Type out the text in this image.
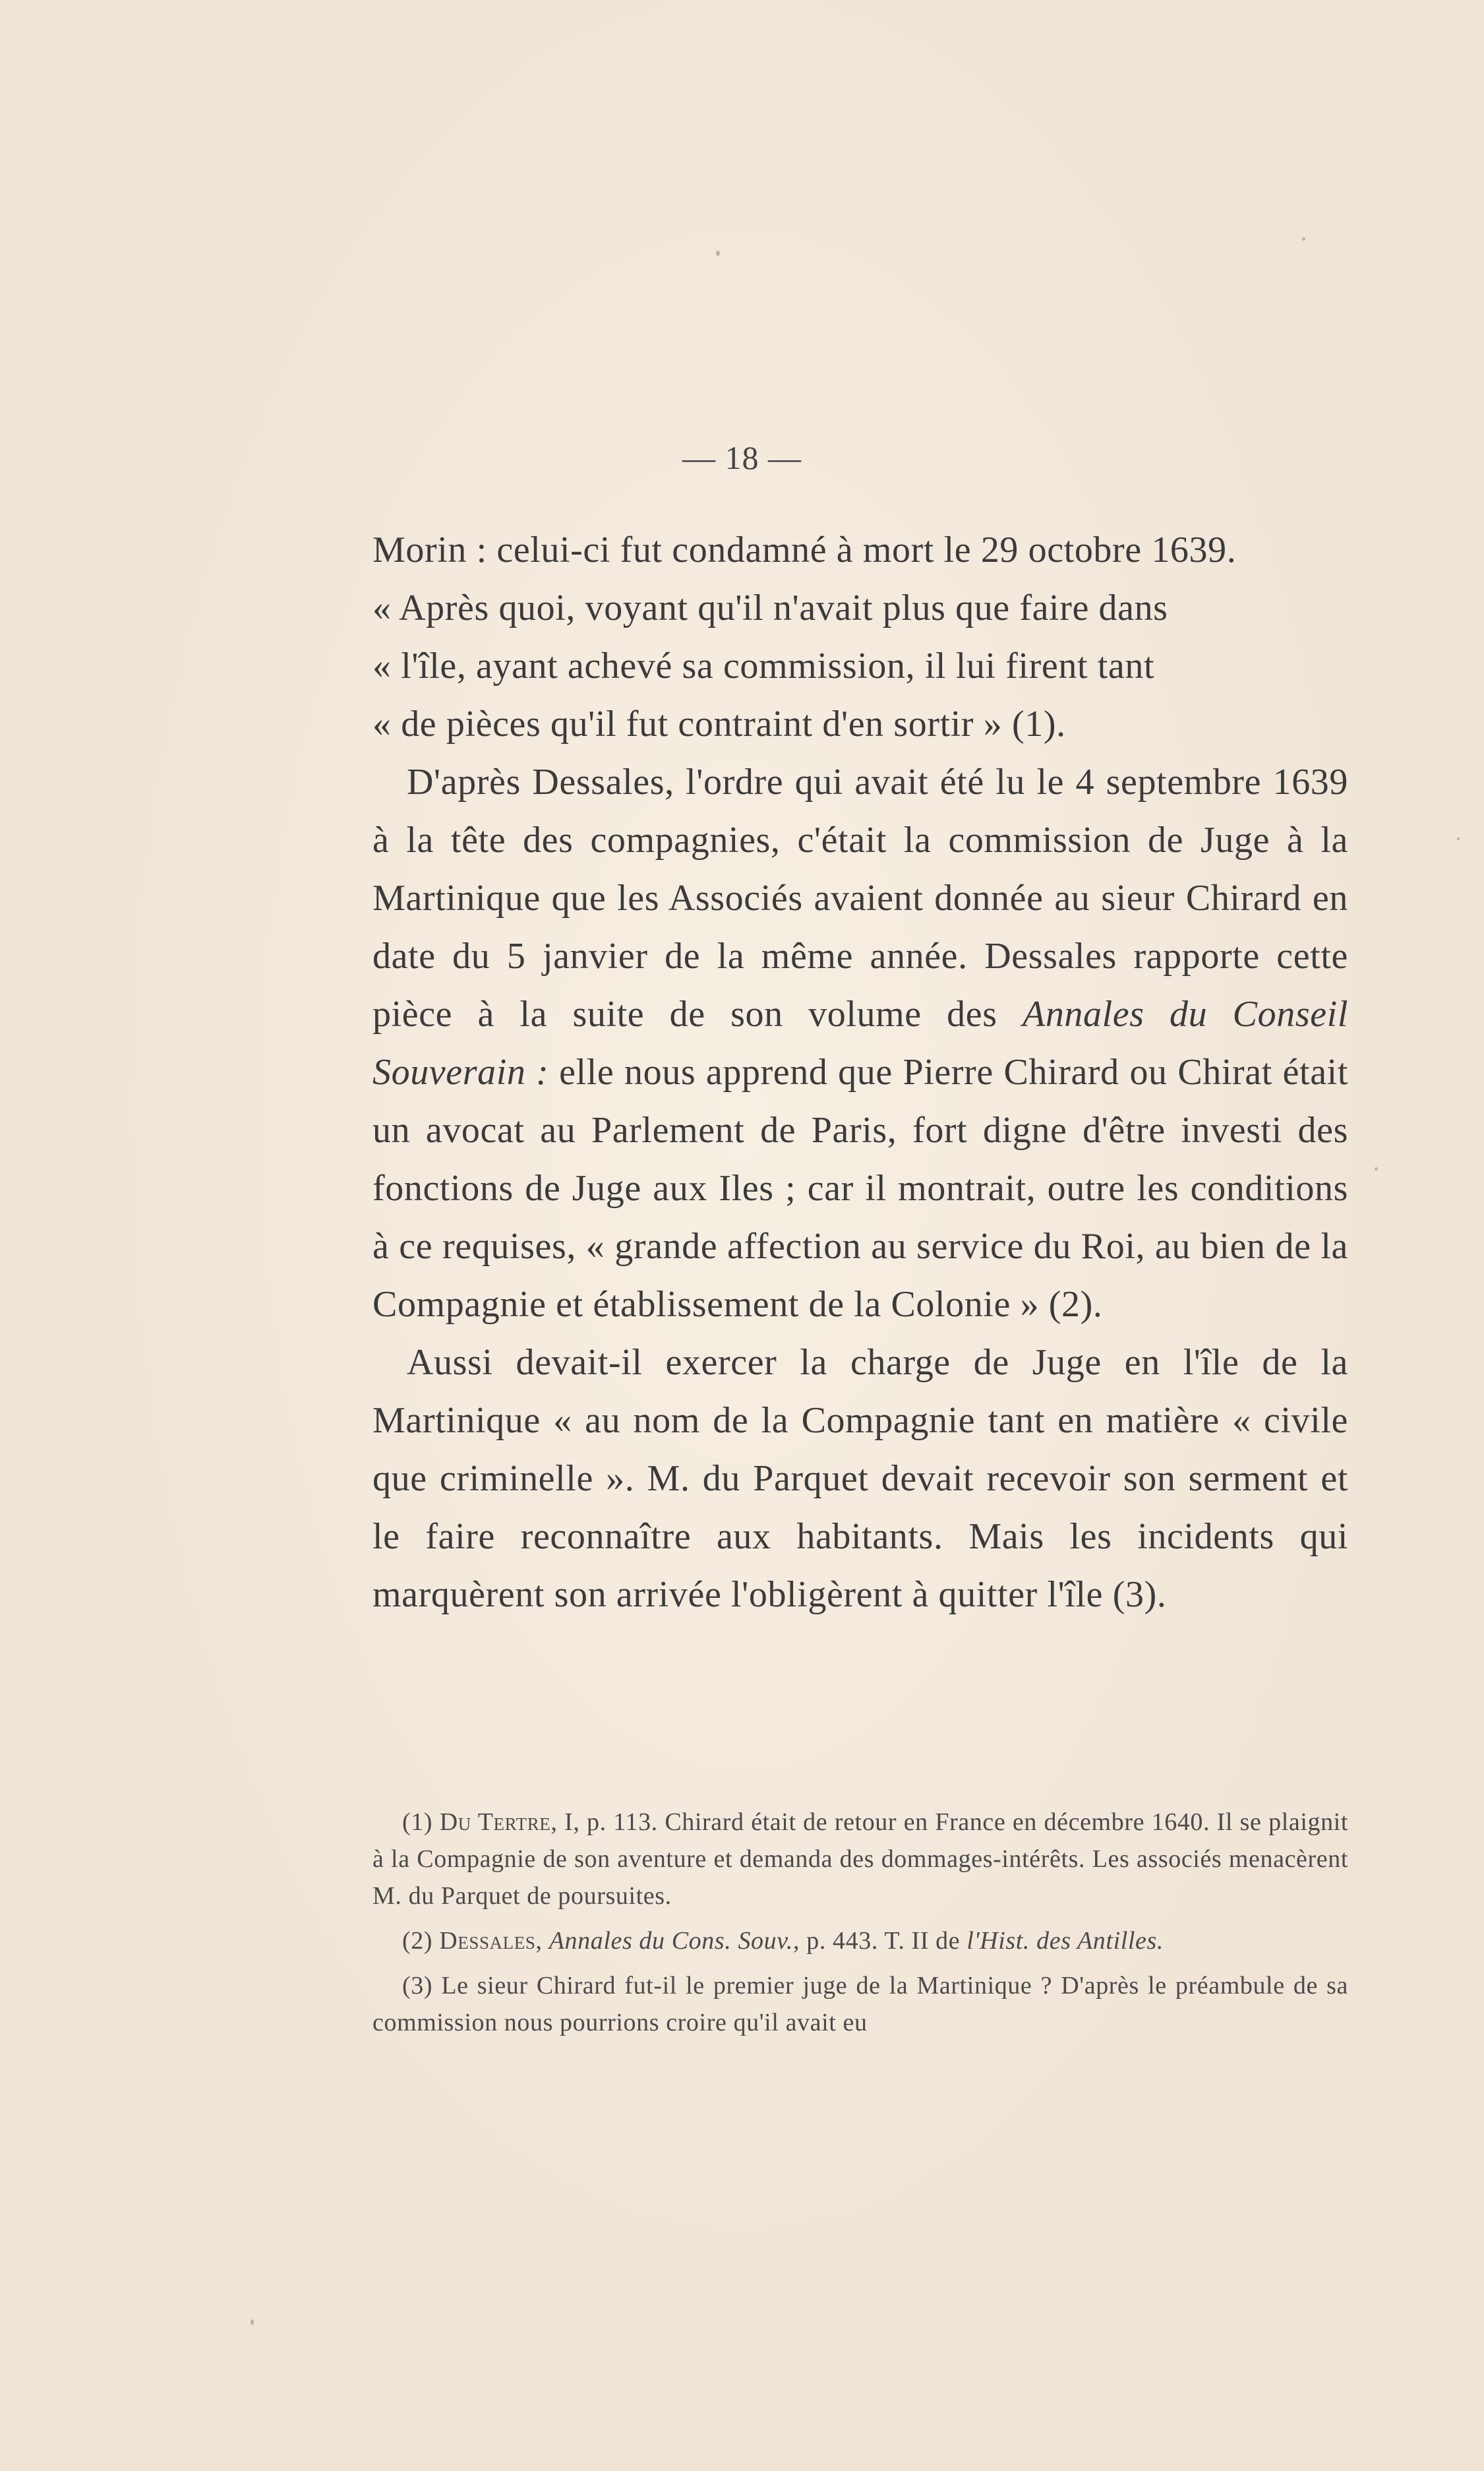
— 18 —

Morin : celui-ci fut condamné à mort le 29 octobre 1639.
« Après quoi, voyant qu'il n'avait plus que faire dans
« l'île, ayant achevé sa commission, il lui firent tant
« de pièces qu'il fut contraint d'en sortir » (1).

D'après Dessales, l'ordre qui avait été lu le 4 septembre 1639 à la tête des compagnies, c'était la commission de Juge à la Martinique que les Associés avaient donnée au sieur Chirard en date du 5 janvier de la même année. Dessales rapporte cette pièce à la suite de son volume des Annales du Conseil Souverain : elle nous apprend que Pierre Chirard ou Chirat était un avocat au Parlement de Paris, fort digne d'être investi des fonctions de Juge aux Iles ; car il montrait, outre les conditions à ce requises, « grande affection au service du Roi, au bien de la Compagnie et établissement de la Colonie » (2).

Aussi devait-il exercer la charge de Juge en l'île de la Martinique « au nom de la Compagnie tant en matière « civile que criminelle ». M. du Parquet devait recevoir son serment et le faire reconnaître aux habitants. Mais les incidents qui marquèrent son arrivée l'obligèrent à quitter l'île (3).

(1) Du Tertre, I, p. 113. Chirard était de retour en France en décembre 1640. Il se plaignit à la Compagnie de son aventure et demanda des dommages-intérêts. Les associés menacèrent M. du Parquet de poursuites.

(2) Dessales, Annales du Cons. Souv., p. 443. T. II de l'Hist. des Antilles.

(3) Le sieur Chirard fut-il le premier juge de la Martinique ? D'après le préambule de sa commission nous pourrions croire qu'il avait eu
